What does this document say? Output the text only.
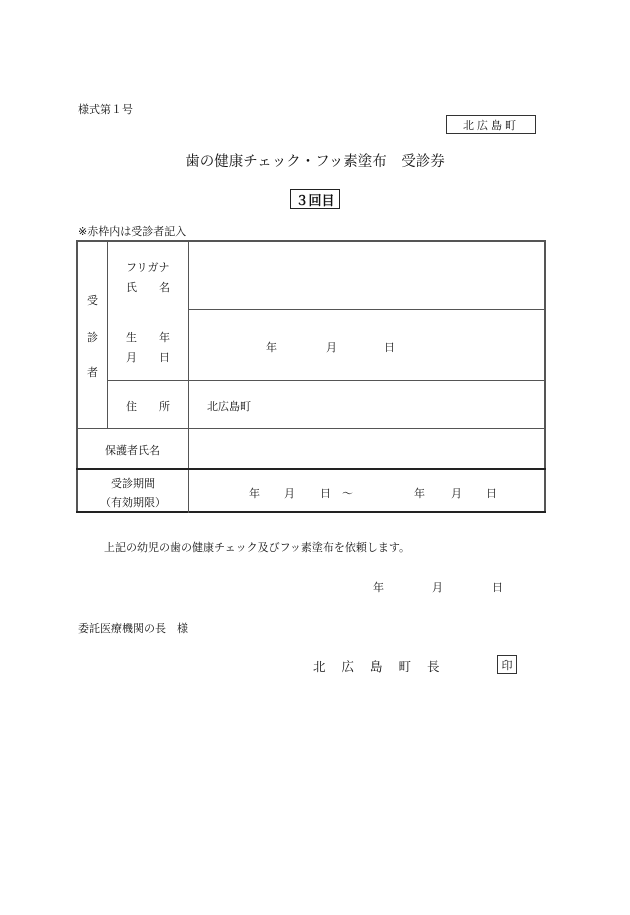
様式第１号
北広島町
歯の健康チェック・フッ素塗布　受診券
３回目
※赤枠内は受診者記入
受
診
者
フリガナ
氏　　名
生　　年
月　　日
年	月	日
住　　所	北広島町
保護者氏名
受診期間
（有効期限）
年 月 日 ～	年 月 日
上記の幼児の歯の健康チェック及びフッ素塗布を依頼します。
年	月	日
委託医療機関の長　様
北広島町長	印
